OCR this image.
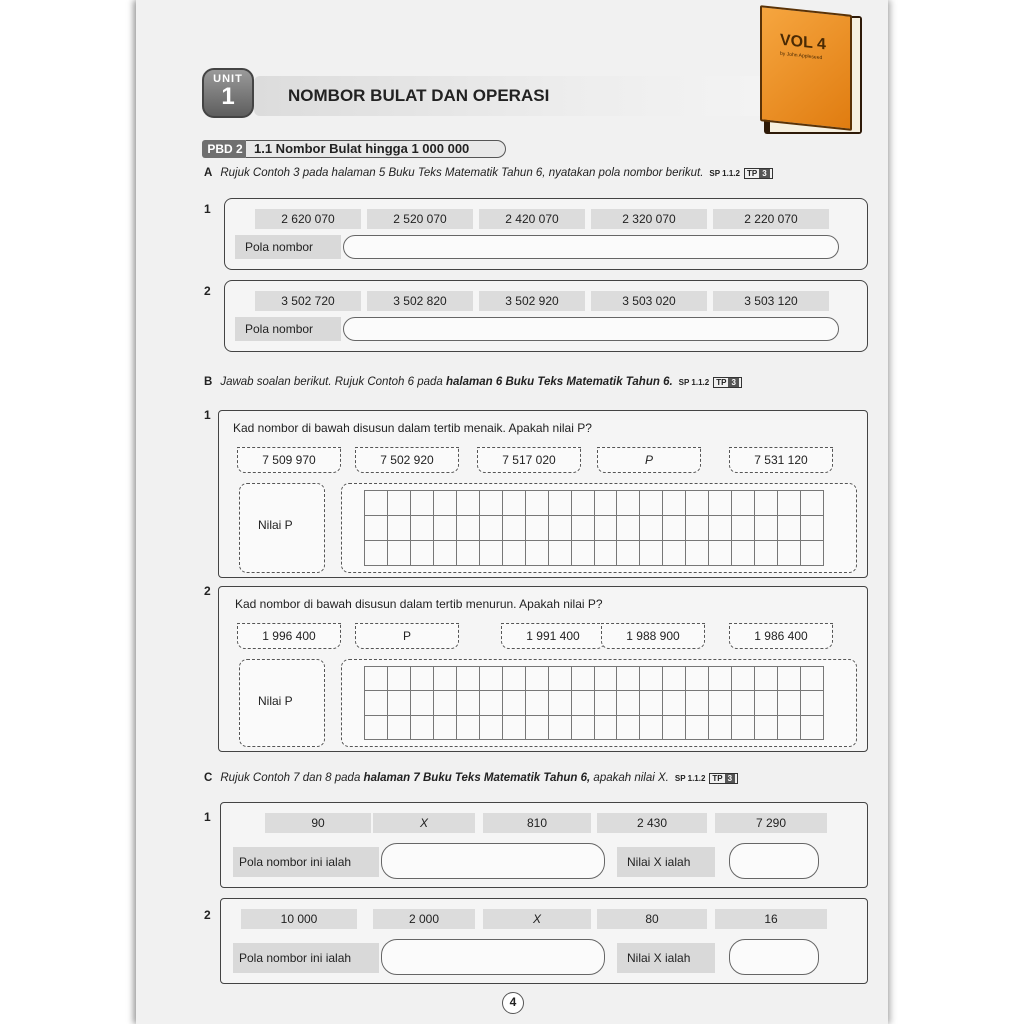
UNIT
1	NOMBOR BULAT DAN OPERASI
VOL 4
by John Appleseed
PBD 2 1.1 Nombor Bulat hingga 1 000 000
A Rujuk Contoh 3 pada halaman 5 Buku Teks Matematik Tahun 6, nyatakan pola nombor berikut. SP 1.1.2 TP 3
1
2 620 070	2 520 070	2 420 070	2 320 070	2 220 070
Pola nombor
2
3 502 720	3 502 820	3 502 920	3 503 020	3 503 120
Pola nombor
B Jawab soalan berikut. Rujuk Contoh 6 pada halaman 6 Buku Teks Matematik Tahun 6. SP 1.1.2 TP 3
1
Kad nombor di bawah disusun dalam tertib menaik. Apakah nilai P?
7 509 970	7 502 920	7 517 020	P	7 531 120
Nilai P
2
Kad nombor di bawah disusun dalam tertib menurun. Apakah nilai P?
1 996 400	P	1 991 400	1 988 900	1 986 400
Nilai P
C Rujuk Contoh 7 dan 8 pada halaman 7 Buku Teks Matematik Tahun 6, apakah nilai X. SP 1.1.2 TP 3
1	90	X	810	2 430	7 290
Pola nombor ini ialah	Nilai X ialah
2	10 000	2 000	X	80	16
Pola nombor ini ialah	Nilai X ialah
4
